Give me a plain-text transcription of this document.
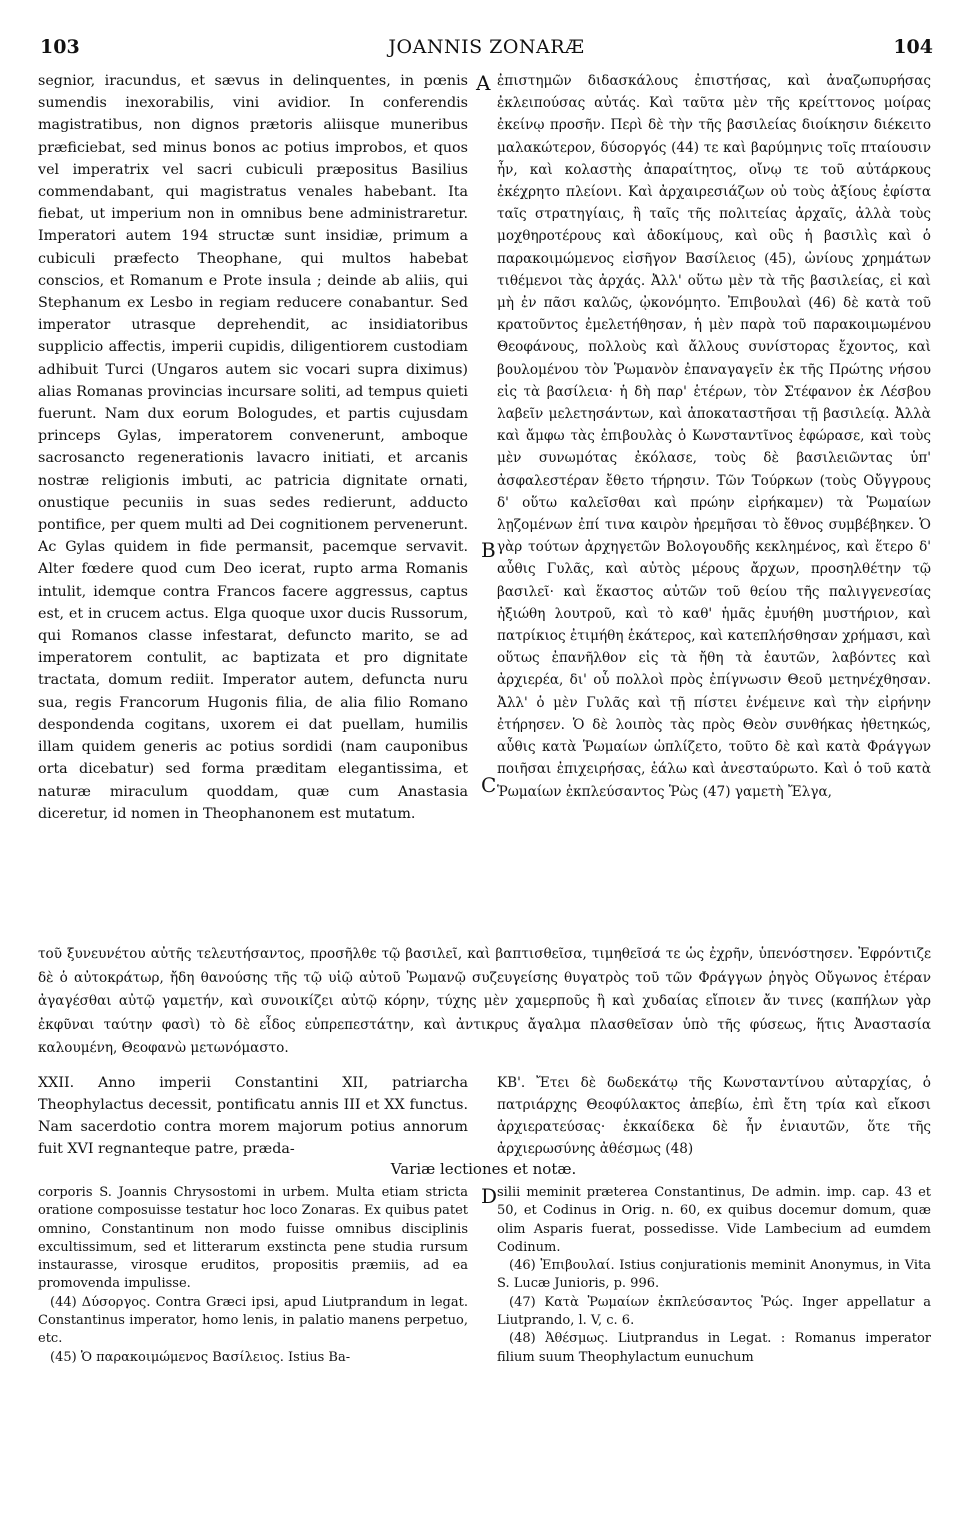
103	JOANNIS ZONARÆ	104
A
B
C
D

segnior, iracundus, et sævus in delinquentes, in pœnis sumendis inexorabilis, vini avidior. In conferendis magistratibus, non dignos prætoris aliisque muneribus præficiebat, sed minus bonos ac potius improbos, et quos vel imperatrix vel sacri cubiculi præpositus Basilius commendabant, qui magistratus venales habebant. Ita fiebat, ut imperium non in omnibus bene administraretur. Imperatori autem 194 structæ sunt insidiæ, primum a cubiculi præfecto Theophane, qui multos habebat conscios, et Romanum e Prote insula ; deinde ab aliis, qui Stephanum ex Lesbo in regiam reducere conabantur. Sed imperator utrasque deprehendit, ac insidiatoribus supplicio affectis, imperii cupidis, diligentiorem custodiam adhibuit Turci (Ungaros autem sic vocari supra diximus) alias Romanas provincias incursare soliti, ad tempus quieti fuerunt. Nam dux eorum Bologudes, et partis cujusdam princeps Gylas, imperatorem convenerunt, amboque sacrosancto regenerationis lavacro initiati, et arcanis nostræ religionis imbuti, ac patricia dignitate ornati, onustique pecuniis in suas sedes redierunt, adducto pontifice, per quem multi ad Dei cognitionem pervenerunt. Ac Gylas quidem in fide permansit, pacemque servavit. Alter fœdere quod cum Deo icerat, rupto arma Romanis intulit, idemque contra Francos facere aggressus, captus est, et in crucem actus. Elga quoque uxor ducis Russorum, qui Romanos classe infestarat, defuncto marito, se ad imperatorem contulit, ac baptizata et pro dignitate tractata, domum rediit. Imperator autem, defuncta nuru sua, regis Francorum Hugonis filia, de alia filio Romano despondenda cogitans, uxorem ei dat puellam, humilis illam quidem generis ac potius sordidi (nam cauponibus orta dicebatur) sed forma præditam elegantissima, et naturæ miraculum quoddam, quæ cum Anastasia diceretur, id nomen in Theophanonem est mutatum.

ἐπιστημῶν διδασκάλους ἐπιστήσας, καὶ ἀναζωπυρήσας ἐκλειπούσας αὐτάς. Καὶ ταῦτα μὲν τῆς κρείττονος μοίρας ἐκείνῳ προσῆν. Περὶ δὲ τὴν τῆς βασιλείας διοίκησιν διέκειτο μαλακώτερον, δύσοργός (44) τε καὶ βαρύμηνις τοῖς πταίουσιν ἦν, καὶ κολαστὴς ἀπαραίτητος, οἴνῳ τε τοῦ αὐτάρκους ἐκέχρητο πλείονι. Καὶ ἀρχαιρεσιάζων οὐ τοὺς ἀξίους ἐφίστα ταῖς στρατηγίαις, ἢ ταῖς τῆς πολιτείας ἀρχαῖς, ἀλλὰ τοὺς μοχθηροτέρους καὶ ἀδοκίμους, καὶ οὓς ἡ βασιλὶς καὶ ὁ παρακοιμώμενος εἰσῆγον Βασίλειος (45), ὠνίους χρημάτων τιθέμενοι τὰς ἀρχάς. Ἀλλ' οὕτω μὲν τὰ τῆς βασιλείας, εἰ καὶ μὴ ἐν πᾶσι καλῶς, ᾠκονόμητο. Ἐπιβουλαὶ (46) δὲ κατὰ τοῦ κρατοῦντος ἐμελετήθησαν, ἡ μὲν παρὰ τοῦ παρακοιμωμένου Θεοφάνους, πολλοὺς καὶ ἄλλους συνίστορας ἔχοντος, καὶ βουλομένου τὸν Ῥωμανὸν ἐπαναγαγεῖν ἐκ τῆς Πρώτης νήσου εἰς τὰ βασίλεια· ἡ δὴ παρ' ἑτέρων, τὸν Στέφανον ἐκ Λέσβου λαβεῖν μελετησάντων, καὶ ἀποκαταστῆσαι τῇ βασιλείᾳ. Ἀλλὰ καὶ ἄμφω τὰς ἐπιβουλὰς ὁ Κωνσταντῖνος ἐφώρασε, καὶ τοὺς μὲν συνωμότας ἐκόλασε, τοὺς δὲ βασιλειῶντας ὑπ' ἀσφαλεστέραν ἔθετο τήρησιν. Τῶν Τούρκων (τοὺς Οὔγγρους δ' οὕτω καλεῖσθαι καὶ πρώην εἰρήκαμεν) τὰ Ῥωμαίων λῃζομένων ἐπί τινα καιρὸν ἠρεμῆσαι τὸ ἔθνος συμβέβηκεν. Ὁ γὰρ τούτων ἀρχηγετῶν Βολογουδῆς κεκλημένος, καὶ ἕτερο δ' αὖθις Γυλᾶς, καὶ αὐτὸς μέρους ἄρχων, προσηλθέτην τῷ βασιλεῖ· καὶ ἕκαστος αὐτῶν τοῦ θείου τῆς παλιγγενεσίας ἠξιώθη λουτροῦ, καὶ τὸ καθ' ἡμᾶς ἐμυήθη μυστήριον, καὶ πατρίκιος ἐτιμήθη ἑκάτερος, καὶ κατεπλήσθησαν χρήμασι, καὶ οὕτως ἐπανῆλθον εἰς τὰ ἤθη τὰ ἑαυτῶν, λαβόντες καὶ ἀρχιερέα, δι' οὗ πολλοὶ πρὸς ἐπίγνωσιν Θεοῦ μετηνέχθησαν. Ἀλλ' ὁ μὲν Γυλᾶς καὶ τῇ πίστει ἐνέμεινε καὶ τὴν εἰρήνην ἐτήρησεν. Ὁ δὲ λοιπὸς τὰς πρὸς Θεὸν συνθήκας ἠθετηκώς, αὖθις κατὰ Ῥωμαίων ὡπλίζετο, τοῦτο δὲ καὶ κατὰ Φράγγων ποιῆσαι ἐπιχειρήσας, ἑάλω καὶ ἀνεσταύρωτο. Καὶ ὁ τοῦ κατὰ Ῥωμαίων ἐκπλεύσαντος Ῥὼς (47) γαμετὴ Ἔλγα,

τοῦ ξυνευνέτου αὐτῆς τελευτήσαντος, προσῆλθε τῷ βασιλεῖ, καὶ βαπτισθεῖσα, τιμηθεῖσά τε ὡς ἐχρῆν, ὑπενόστησεν. Ἐφρόντιζε δὲ ὁ αὐτοκράτωρ, ἤδη θανούσης τῆς τῷ υἱῷ αὐτοῦ Ῥωμανῷ συζευγείσης θυγατρὸς τοῦ τῶν Φράγγων ῥηγὸς Οὔγωνος ἑτέραν ἀγαγέσθαι αὐτῷ γαμετήν, καὶ συνοικίζει αὐτῷ κόρην, τύχης μὲν χαμερποῦς ἢ καὶ χυδαίας εἴποιεν ἄν τινες (καπήλων γὰρ ἐκφῦναι ταύτην φασὶ) τὸ δὲ εἶδος εὐπρεπεστάτην, καὶ ἀντικρυς ἄγαλμα πλασθεῖσαν ὑπὸ τῆς φύσεως, ἥτις Ἀναστασία καλουμένη, Θεοφανὼ μετωνόμαστο.

XXII. Anno imperii Constantini XII, patriarcha Theophylactus decessit, pontificatu annis III et XX functus. Nam sacerdotio contra morem majorum potius annorum fuit XVI regnanteque patre, præda-

ΚΒ'. Ἔτει δὲ δωδεκάτῳ τῆς Κωνσταντίνου αὐταρχίας, ὁ πατριάρχης Θεοφύλακτος ἀπεβίω, ἐπὶ ἔτη τρία καὶ εἴκοσι ἀρχιερατεύσας· ἐκκαίδεκα δὲ ἦν ἐνιαυτῶν, ὅτε τῆς ἀρχιερωσύνης ἀθέσμως (48)

Variæ lectiones et notæ.

corporis S. Joannis Chrysostomi in urbem. Multa etiam stricta oratione composuisse testatur hoc loco Zonaras. Ex quibus patet omnino, Constantinum non modo fuisse omnibus disciplinis excultissimum, sed et litterarum exstincta pene studia rursum instaurasse, virosque eruditos, propositis præmiis, ad ea promovenda impulisse.

(44) Δύσοργος. Contra Græci ipsi, apud Liutprandum in legat. Constantinus imperator, homo lenis, in palatio manens perpetuo, etc.

(45) Ὁ παρακοιμώμενος Βασίλειος. Istius Ba-

silii meminit præterea Constantinus, De admin. imp. cap. 43 et 50, et Codinus in Orig. n. 60, ex quibus docemur domum, quæ olim Asparis fuerat, possedisse. Vide Lambecium ad eumdem Codinum.

(46) Ἐπιβουλαί. Istius conjurationis meminit Anonymus, in Vita S. Lucæ Junioris, p. 996.

(47) Κατὰ Ῥωμαίων ἐκπλεύσαντος Ῥώς. Inger appellatur a Liutprando, l. V, c. 6.

(48) Ἀθέσμως. Liutprandus in Legat. : Romanus imperator filium suum Theophylactum eunuchum
